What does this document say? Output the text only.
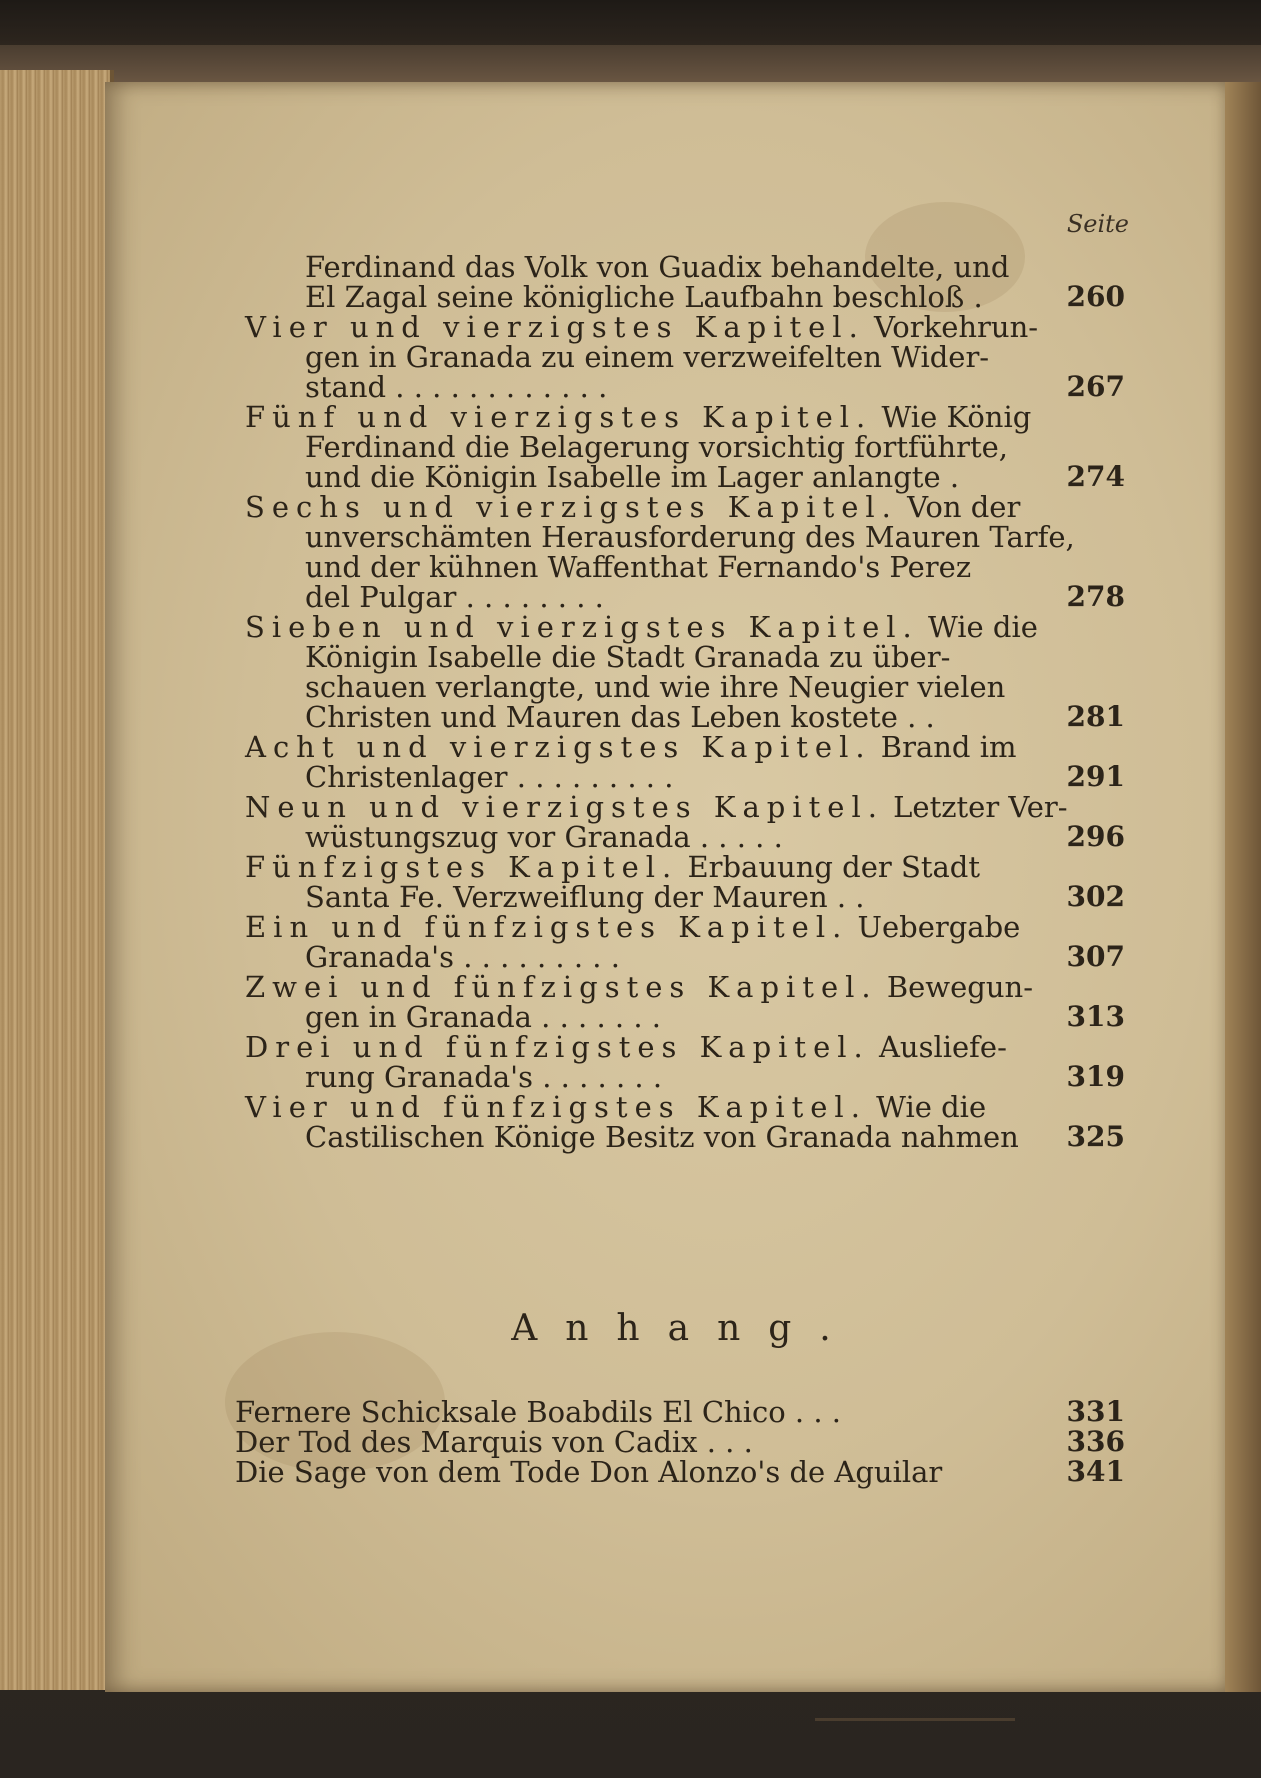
Seite
Ferdinand das Volk von Guadix behandelte, und
El Zagal seine königliche Laufbahn beschloß .	260
Vier und vierzigstes Kapitel. Vorkehrun-
gen in Granada zu einem verzweifelten Wider-
stand . . . . . . . . . . . .	267
Fünf und vierzigstes Kapitel. Wie König
Ferdinand die Belagerung vorsichtig fortführte,
und die Königin Isabelle im Lager anlangte .	274
Sechs und vierzigstes Kapitel. Von der
unverschämten Herausforderung des Mauren Tarfe,
und der kühnen Waffenthat Fernando's Perez
del Pulgar . . . . . . . .	278
Sieben und vierzigstes Kapitel. Wie die
Königin Isabelle die Stadt Granada zu über-
schauen verlangte, und wie ihre Neugier vielen
Christen und Mauren das Leben kostete . .	281
Acht und vierzigstes Kapitel. Brand im
Christenlager . . . . . . . . .	291
Neun und vierzigstes Kapitel. Letzter Ver-
wüstungszug vor Granada . . . . .	296
Fünfzigstes Kapitel. Erbauung der Stadt
Santa Fe. Verzweiflung der Mauren . .	302
Ein und fünfzigstes Kapitel. Uebergabe
Granada's . . . . . . . . .	307
Zwei und fünfzigstes Kapitel. Bewegun-
gen in Granada . . . . . . .	313
Drei und fünfzigstes Kapitel. Ausliefe-
rung Granada's . . . . . . .	319
Vier und fünfzigstes Kapitel. Wie die
Castilischen Könige Besitz von Granada nahmen 325
Anhang.
Fernere Schicksale Boabdils El Chico . . .	331
Der Tod des Marquis von Cadix . . .	336
Die Sage von dem Tode Don Alonzo's de Aguilar	341
